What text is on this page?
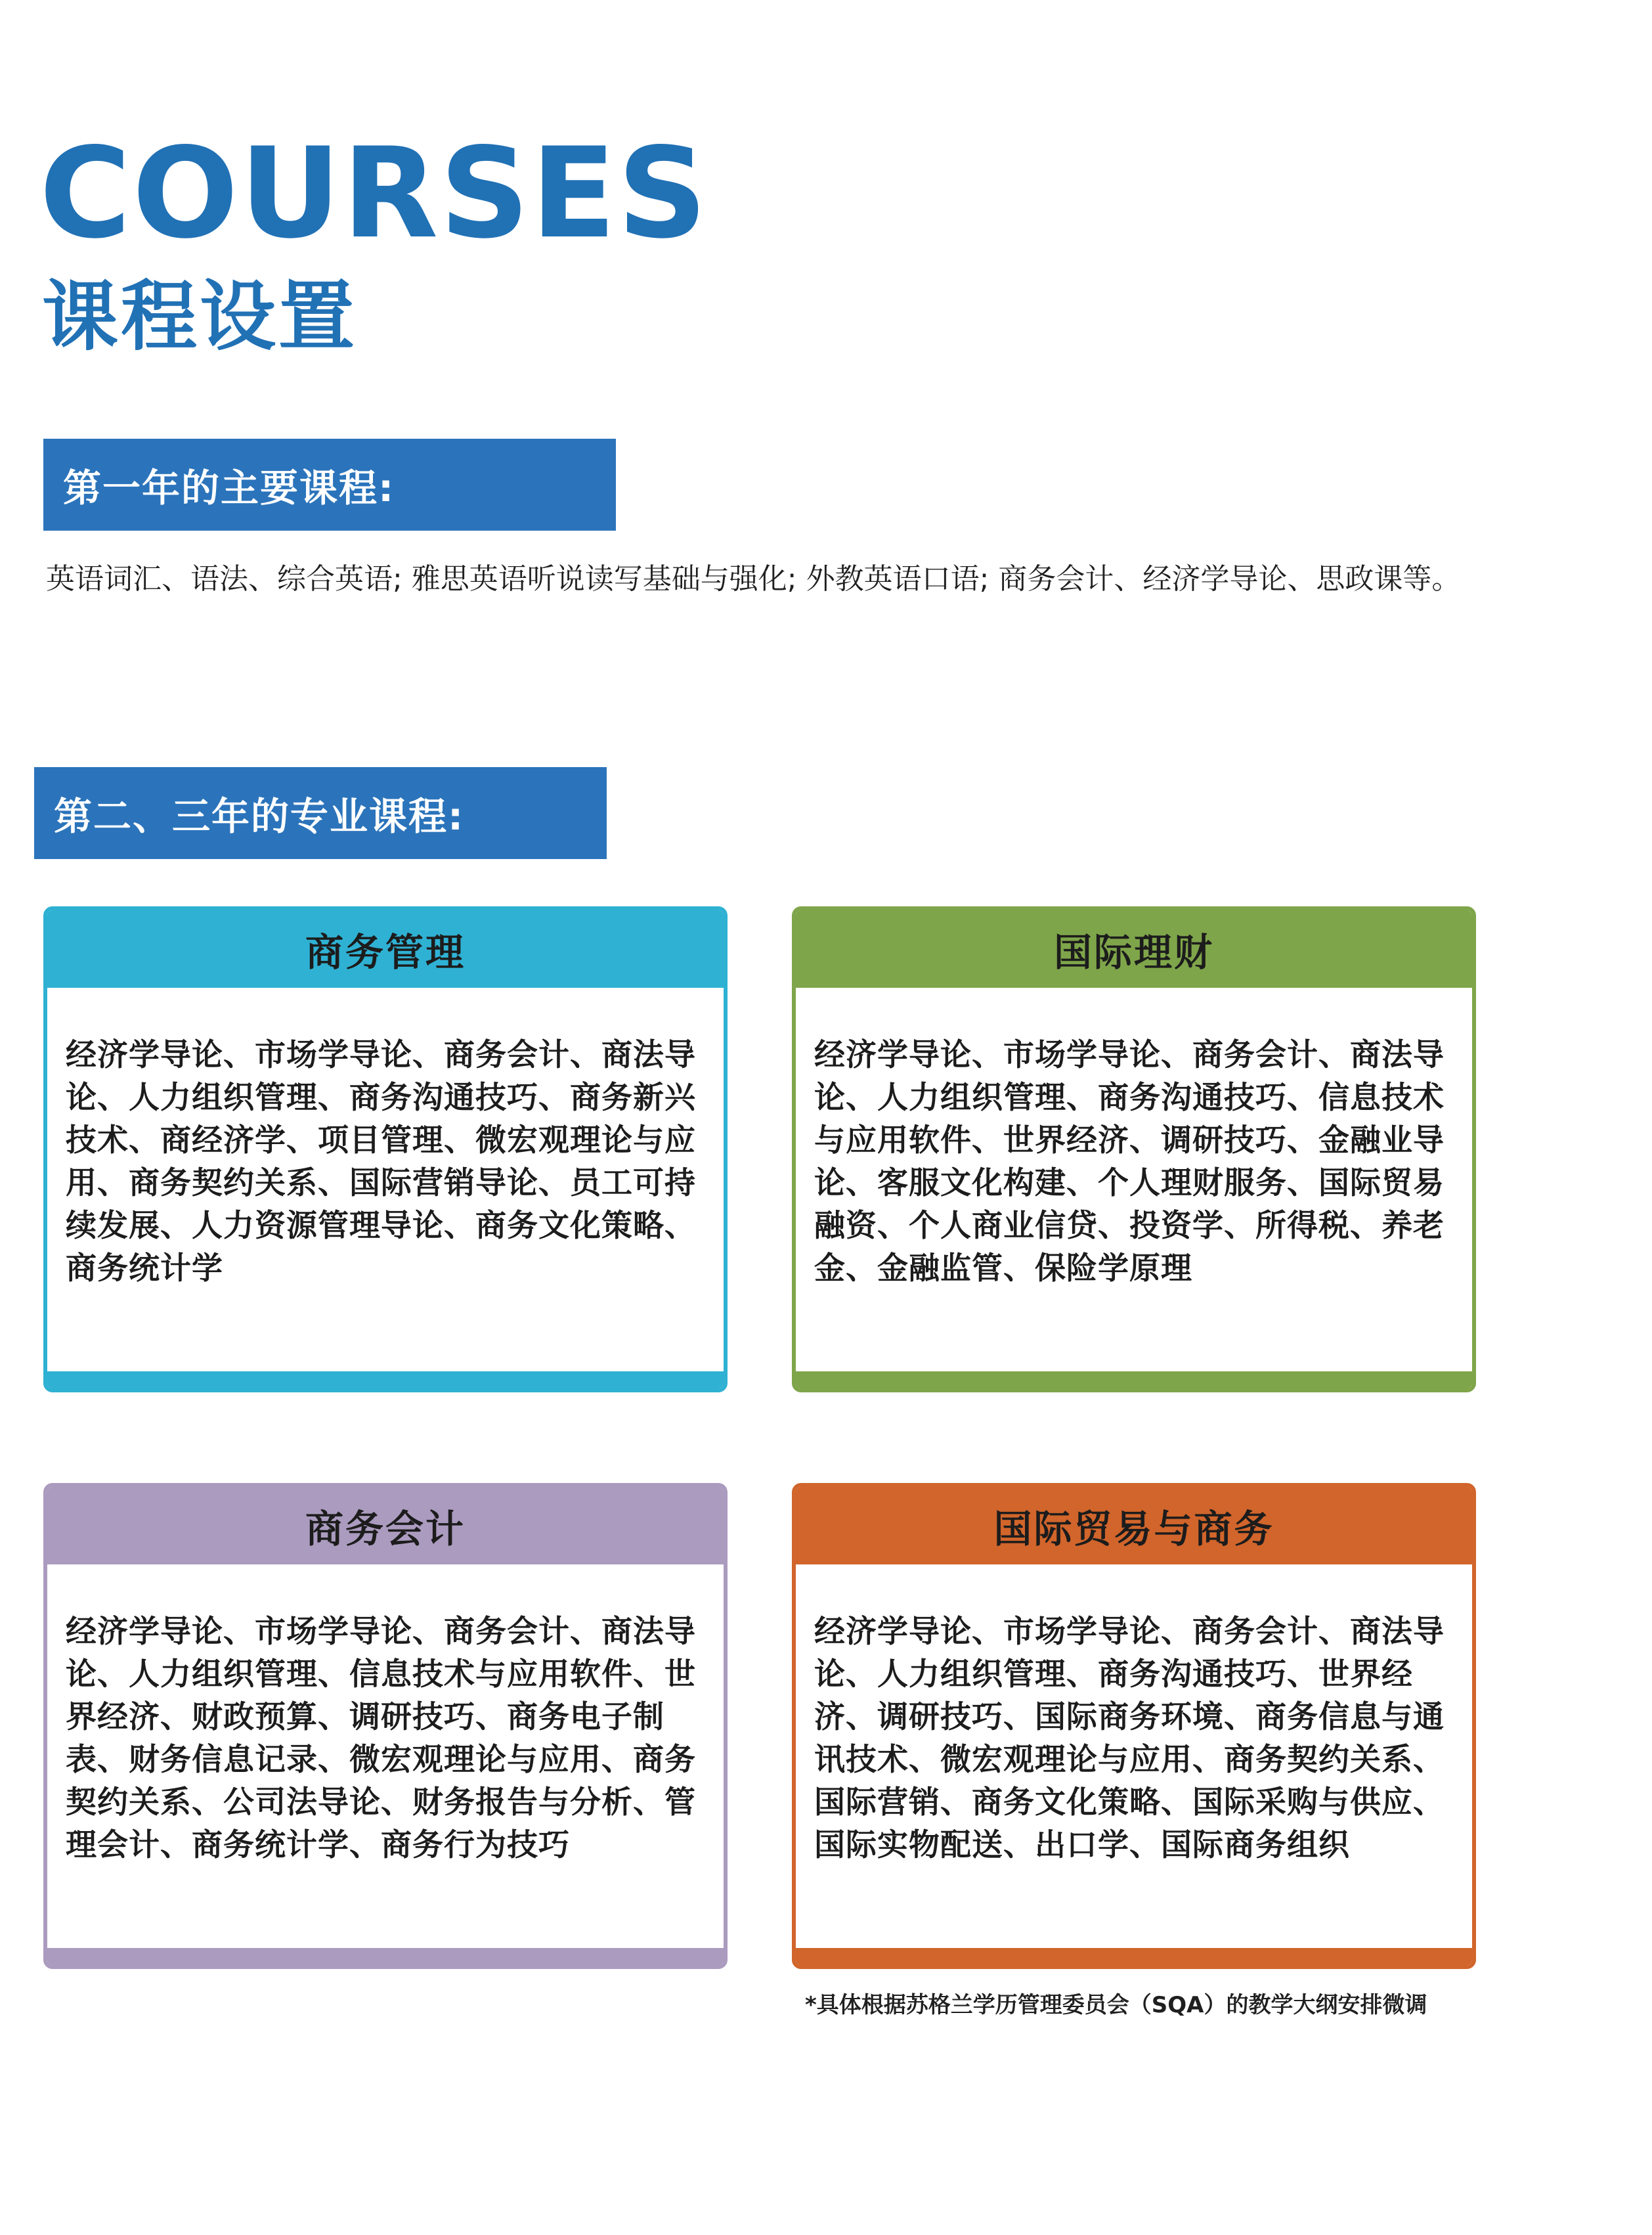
COURSES
课程设置
第一年的主要课程:
英语词汇、语法、综合英语; 雅思英语听说读写基础与强化; 外教英语口语; 商务会计、经济学导论、思政课等。
第二、三年的专业课程:
商务管理
经济学导论、市场学导论、商务会计、商法导论、人力组织管理、商务沟通技巧、商务新兴技术、商经济学、项目管理、微宏观理论与应用、商务契约关系、国际营销导论、员工可持续发展、人力资源管理导论、商务文化策略、商务统计学
国际理财
经济学导论、市场学导论、商务会计、商法导论、人力组织管理、商务沟通技巧、信息技术与应用软件、世界经济、调研技巧、金融业导论、客服文化构建、个人理财服务、国际贸易融资、个人商业信贷、投资学、所得税、养老金、金融监管、保险学原理
商务会计
经济学导论、市场学导论、商务会计、商法导论、人力组织管理、信息技术与应用软件、世界经济、财政预算、调研技巧、商务电子制表、财务信息记录、微宏观理论与应用、商务契约关系、公司法导论、财务报告与分析、管理会计、商务统计学、商务行为技巧
国际贸易与商务
经济学导论、市场学导论、商务会计、商法导论、人力组织管理、商务沟通技巧、世界经济、调研技巧、国际商务环境、商务信息与通讯技术、微宏观理论与应用、商务契约关系、国际营销、商务文化策略、国际采购与供应、国际实物配送、出口学、国际商务组织
*具体根据苏格兰学历管理委员会（SQA）的教学大纲安排微调
